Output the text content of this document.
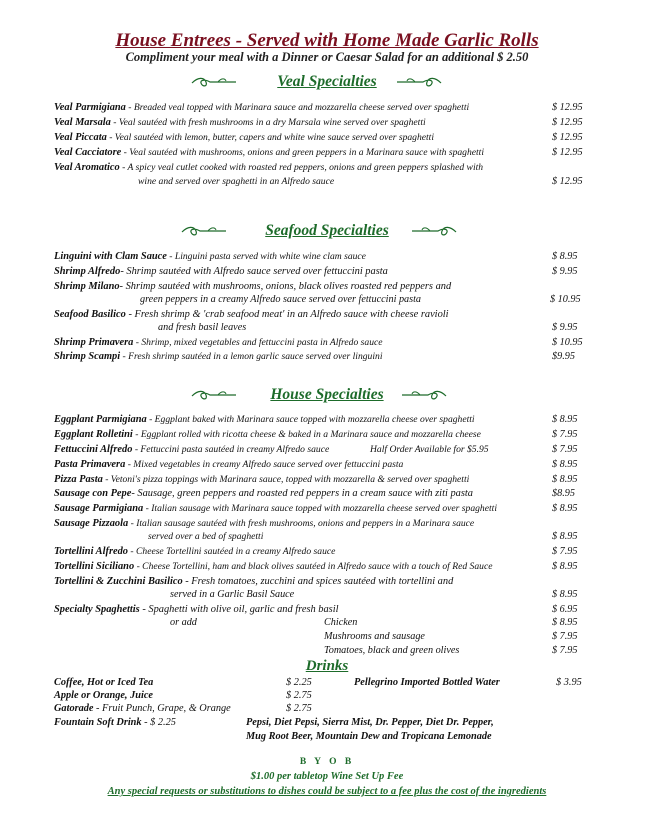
House Entrees - Served with Home Made Garlic Rolls
Compliment your meal with a Dinner or Caesar Salad for an additional $ 2.50
Veal Specialties
Veal Parmigiana - Breaded veal topped with Marinara sauce and mozzarella cheese served over spaghetti	$ 12.95
Veal Marsala - Veal sautéed with fresh mushrooms in a dry Marsala wine served over spaghetti	$ 12.95
Veal Piccata - Veal sautéed with lemon, butter, capers and white wine sauce served over spaghetti	$ 12.95
Veal Cacciatore - Veal sautéed with mushrooms, onions and green peppers in a Marinara sauce with spaghetti	$ 12.95
Veal Aromatico - A spicy veal cutlet cooked with roasted red peppers, onions and green peppers splashed with
wine and served over spaghetti in an Alfredo sauce	$ 12.95
Seafood Specialties
Linguini with Clam Sauce - Linguini pasta served with white wine clam sauce	$ 8.95
Shrimp Alfredo- Shrimp sautéed with Alfredo sauce served over fettuccini pasta	$ 9.95
Shrimp Milano- Shrimp sautéed with mushrooms, onions, black olives roasted red peppers and
green peppers in a creamy Alfredo sauce served over fettuccini pasta	$ 10.95
Seafood Basilico - Fresh shrimp & 'crab seafood meat' in an Alfredo sauce with cheese ravioli
and fresh basil leaves	$ 9.95
Shrimp Primavera - Shrimp, mixed vegetables and fettuccini pasta in Alfredo sauce	$ 10.95
Shrimp Scampi - Fresh shrimp sautéed in a lemon garlic sauce served over linguini	$9.95
House Specialties
Eggplant Parmigiana - Eggplant baked with Marinara sauce topped with mozzarella cheese over spaghetti	$ 8.95
Eggplant Rolletini - Eggplant rolled with ricotta cheese & baked in a Marinara sauce and mozzarella cheese	$ 7.95
Fettuccini Alfredo - Fettuccini pasta sautéed in creamy Alfredo sauce	Half Order Available for $5.95	$ 7.95
Pasta Primavera - Mixed vegetables in creamy Alfredo sauce served over fettuccini pasta	$ 8.95
Pizza Pasta - Vetoni's pizza toppings with Marinara sauce, topped with mozzarella & served over spaghetti	$ 8.95
Sausage con Pepe- Sausage, green peppers and roasted red peppers in a cream sauce with ziti pasta	$8.95
Sausage Parmigiana - Italian sausage with Marinara sauce topped with mozzarella cheese served over spaghetti	$ 8.95
Sausage Pizzaola - Italian sausage sautéed with fresh mushrooms, onions and peppers in a Marinara sauce
served over a bed of spaghetti	$ 8.95
Tortellini Alfredo - Cheese Tortellini sautéed in a creamy Alfredo sauce	$ 7.95
Tortellini Siciliano - Cheese Tortellini, ham and black olives sautéed in Alfredo sauce with a touch of Red Sauce	$ 8.95
Tortellini & Zucchini Basilico - Fresh tomatoes, zucchini and spices sautéed with tortellini and
served in a Garlic Basil Sauce	$ 8.95
Specialty Spaghettis - Spaghetti with olive oil, garlic and fresh basil	$ 6.95
or add	Chicken	$ 8.95
Mushrooms and sausage	$ 7.95
Tomatoes, black and green olives	$ 7.95
Drinks
Coffee, Hot or Iced Tea	$ 2.25	Pellegrino Imported Bottled Water	$ 3.95
Apple or Orange, Juice	$ 2.75
Gatorade - Fruit Punch, Grape, & Orange	$ 2.75
Fountain Soft Drink - $ 2.25	Pepsi, Diet Pepsi, Sierra Mist, Dr. Pepper, Diet Dr. Pepper,
Mug Root Beer, Mountain Dew and Tropicana Lemonade
B Y O B
$1.00 per tabletop Wine Set Up Fee
Any special requests or substitutions to dishes could be subject to a fee plus the cost of the ingredients
